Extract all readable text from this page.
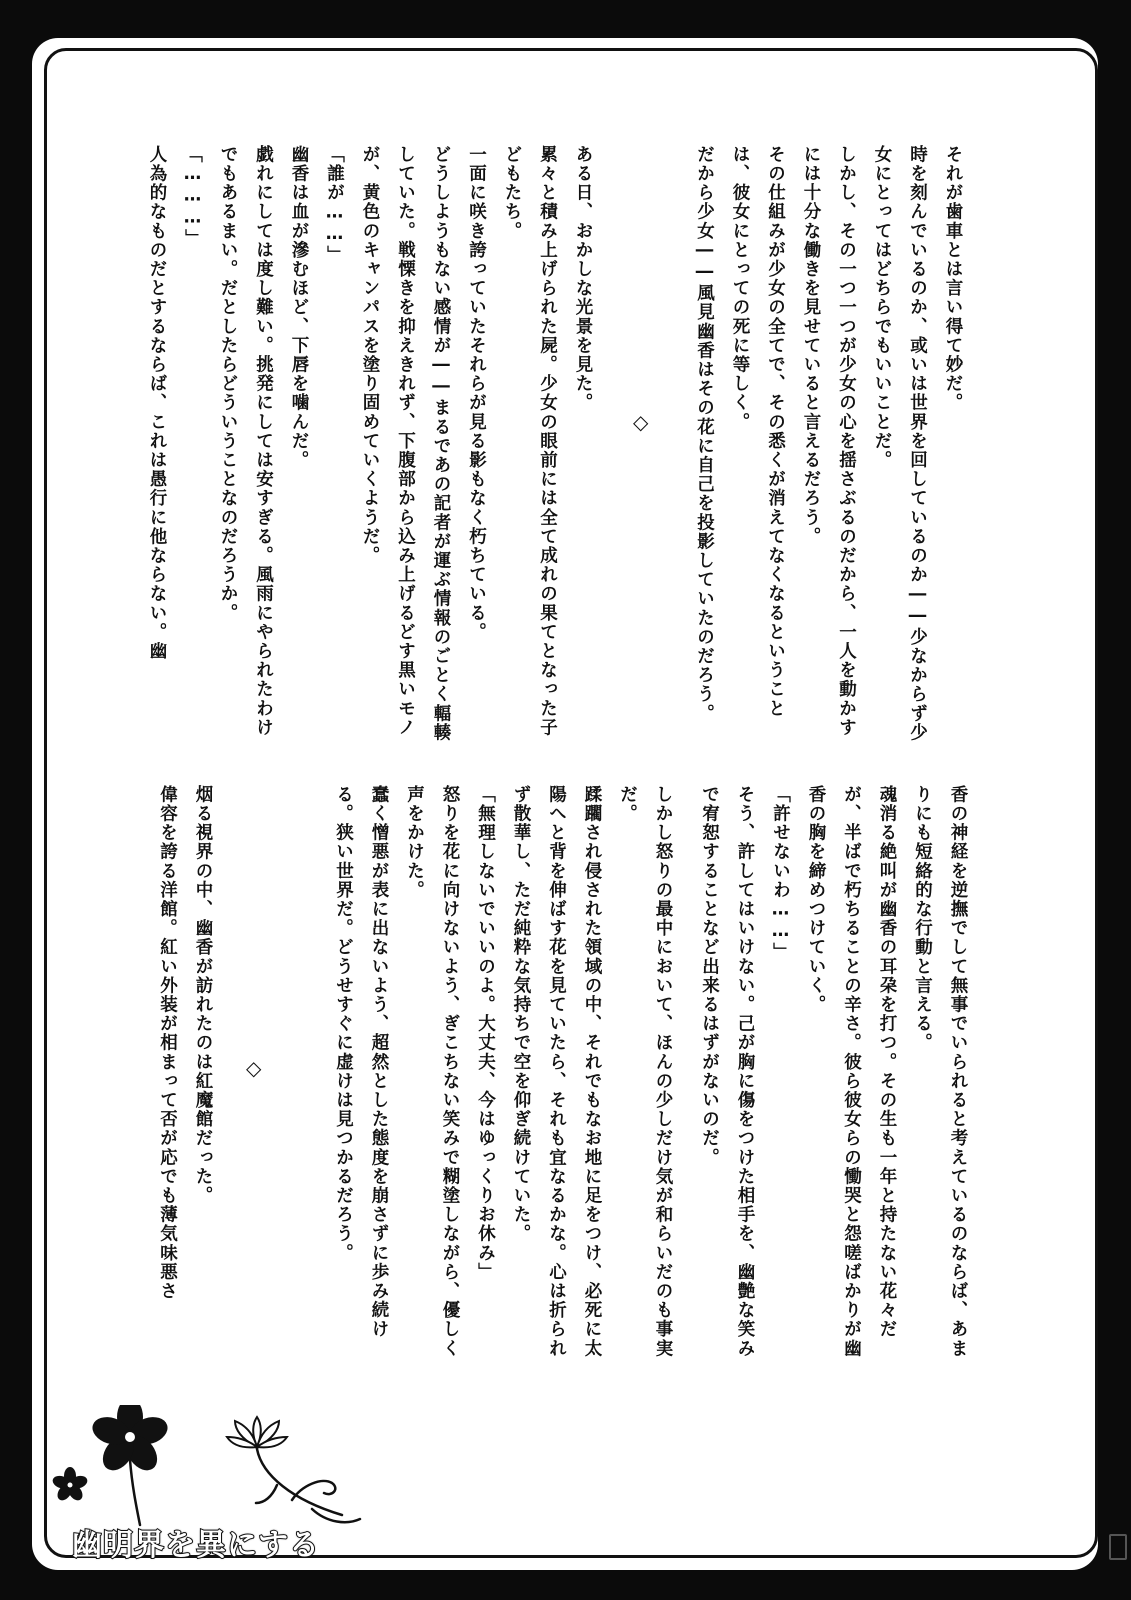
それが歯車とは言い得て妙だ。

時を刻んでいるのか、或いは世界を回しているのか――少なからず少女にとってはどちらでもいいことだ。

しかし、その一つ一つが少女の心を揺さぶるのだから、一人を動かすには十分な働きを見せていると言えるだろう。

その仕組みが少女の全てで、その悉くが消えてなくなるということは、彼女にとっての死に等しく。

だから少女――風見幽香はその花に自己を投影していたのだろう。

◇

ある日、おかしな光景を見た。

累々と積み上げられた屍。少女の眼前には全て成れの果てとなった子どもたち。

一面に咲き誇っていたそれらが見る影もなく朽ちている。

どうしようもない感情が――まるであの記者が運ぶ情報のごとく輻輳していた。戦慄きを抑えきれず、下腹部から込み上げるどす黒いモノが、黄色のキャンパスを塗り固めていくようだ。

「誰が……」

幽香は血が滲むほど、下唇を噛んだ。

戯れにしては度し難い。挑発にしては安すぎる。風雨にやられたわけでもあるまい。だとしたらどういうことなのだろうか。

「………」

人為的なものだとするならば、これは愚行に他ならない。幽

香の神経を逆撫でして無事でいられると考えているのならば、あまりにも短絡的な行動と言える。

魂消る絶叫が幽香の耳朶を打つ。その生も一年と持たない花々だが、半ばで朽ちることの辛さ。彼ら彼女らの慟哭と怨嗟ばかりが幽香の胸を締めつけていく。

「許せないわ……」

そう、許してはいけない。己が胸に傷をつけた相手を、幽艶な笑みで宥恕することなど出来るはずがないのだ。

しかし怒りの最中において、ほんの少しだけ気が和らいだのも事実だ。

蹂躙され侵された領域の中、それでもなお地に足をつけ、必死に太陽へと背を伸ばす花を見ていたら、それも宜なるかな。心は折られず散華し、ただ純粋な気持ちで空を仰ぎ続けていた。

「無理しないでいいのよ。大丈夫、今はゆっくりお休み」

怒りを花に向けないよう、ぎこちない笑みで糊塗しながら、優しく声をかけた。

蠢く憎悪が表に出ないよう、超然とした態度を崩さずに歩み続ける。狭い世界だ。どうせすぐに虚けは見つかるだろう。

◇

烟る視界の中、幽香が訪れたのは紅魔館だった。

偉容を誇る洋館。紅い外装が相まって否が応でも薄気味悪さ

幽明界を異にする
